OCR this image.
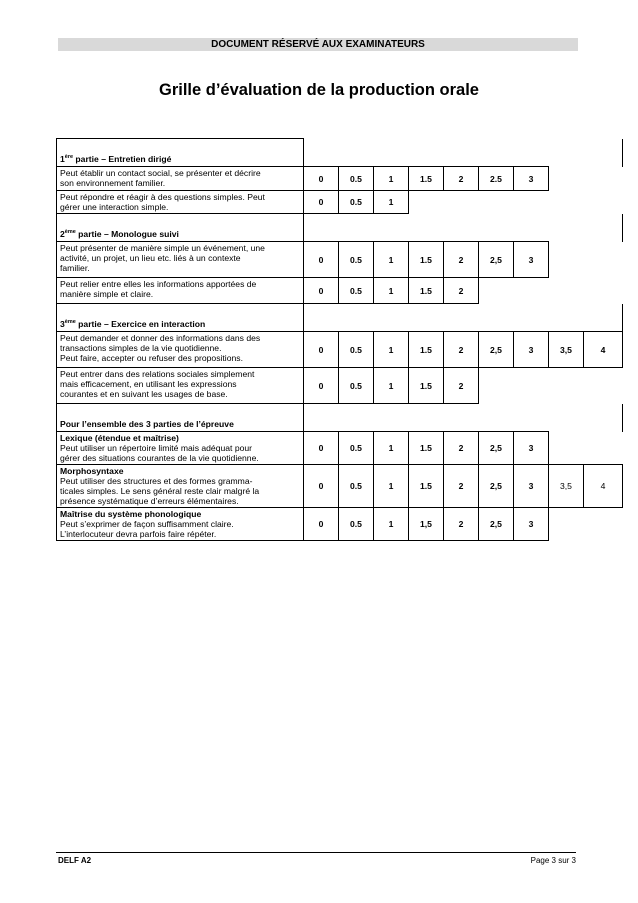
DOCUMENT RÉSERVÉ AUX EXAMINATEURS
Grille d’évaluation de la production orale
1ère partie – Entretien dirigé									

Peut établir un contact social, se présenter et décrire
son environnement familier.	0	0.5	1	1.5	2	2.5	3		

Peut répondre et réagir à des questions simples. Peut
gérer une interaction simple.	0	0.5	1						
2ème partie – Monologue suivi									

Peut présenter de manière simple un événement, une
activité, un projet, un lieu etc. liés à un contexte
familier.	0	0.5	1	1.5	2	2,5	3		

Peut relier entre elles les informations apportées de
manière simple et claire.	0	0.5	1	1.5	2				
3ème partie – Exercice en interaction									

Peut demander et donner des informations dans des
transactions simples de la vie quotidienne.
Peut faire, accepter ou refuser des propositions.	0	0.5	1	1.5	2	2,5	3	3,5	4

Peut entrer dans des relations sociales simplement
mais efficacement, en utilisant les expressions
courantes et en suivant les usages de base.	0	0.5	1	1.5	2				
Pour l’ensemble des 3 parties de l’épreuve									

Lexique (étendue et maîtrise)
Peut utiliser un répertoire limité mais adéquat pour
gérer des situations courantes de la vie quotidienne.	0	0.5	1	1.5	2	2,5	3		

Morphosyntaxe
Peut utiliser des structures et des formes gramma-
ticales simples. Le sens général reste clair malgré la
présence systématique d’erreurs élémentaires.	0	0.5	1	1.5	2	2,5	3	3,5	4

Maîtrise du système phonologique
Peut s’exprimer de façon suffisamment claire.
L’interlocuteur devra parfois faire répéter.	0	0.5	1	1,5	2	2,5	3		
DELF A2	Page 3 sur 3
